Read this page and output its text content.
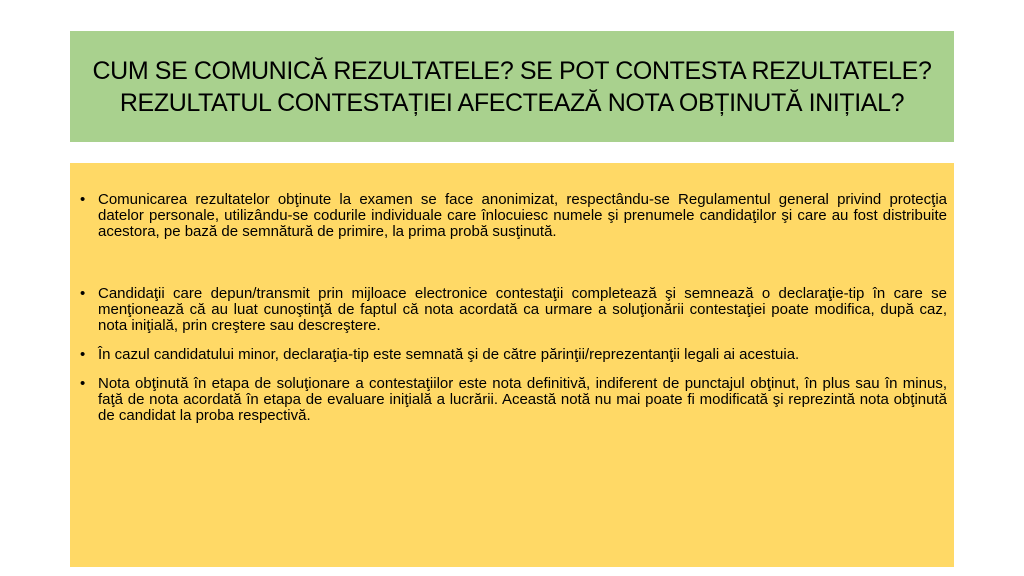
CUM SE COMUNICĂ REZULTATELE? SE POT CONTESTA REZULTATELE? REZULTATUL CONTESTAȚIEI AFECTEAZĂ NOTA OBȚINUTĂ INIȚIAL?
• Comunicarea rezultatelor obţinute la examen se face anonimizat, respectându-se Regulamentul general privind protecţia datelor personale, utilizându-se codurile individuale care înlocuiesc numele şi prenumele candidaţilor şi care au fost distribuite acestora, pe bază de semnătură de primire, la prima probă susţinută.
• Candidaţii care depun/transmit prin mijloace electronice contestaţii completează şi semnează o declaraţie-tip în care se menţionează că au luat cunoştinţă de faptul că nota acordată ca urmare a soluţionării contestaţiei poate modifica, după caz, nota iniţială, prin creştere sau descreştere.
• În cazul candidatului minor, declaraţia-tip este semnată şi de către părinţii/reprezentanţii legali ai acestuia.
• Nota obţinută în etapa de soluţionare a contestaţiilor este nota definitivă, indiferent de punctajul obţinut, în plus sau în minus, faţă de nota acordată în etapa de evaluare iniţială a lucrării. Această notă nu mai poate fi modificată şi reprezintă nota obţinută de candidat la proba respectivă.
